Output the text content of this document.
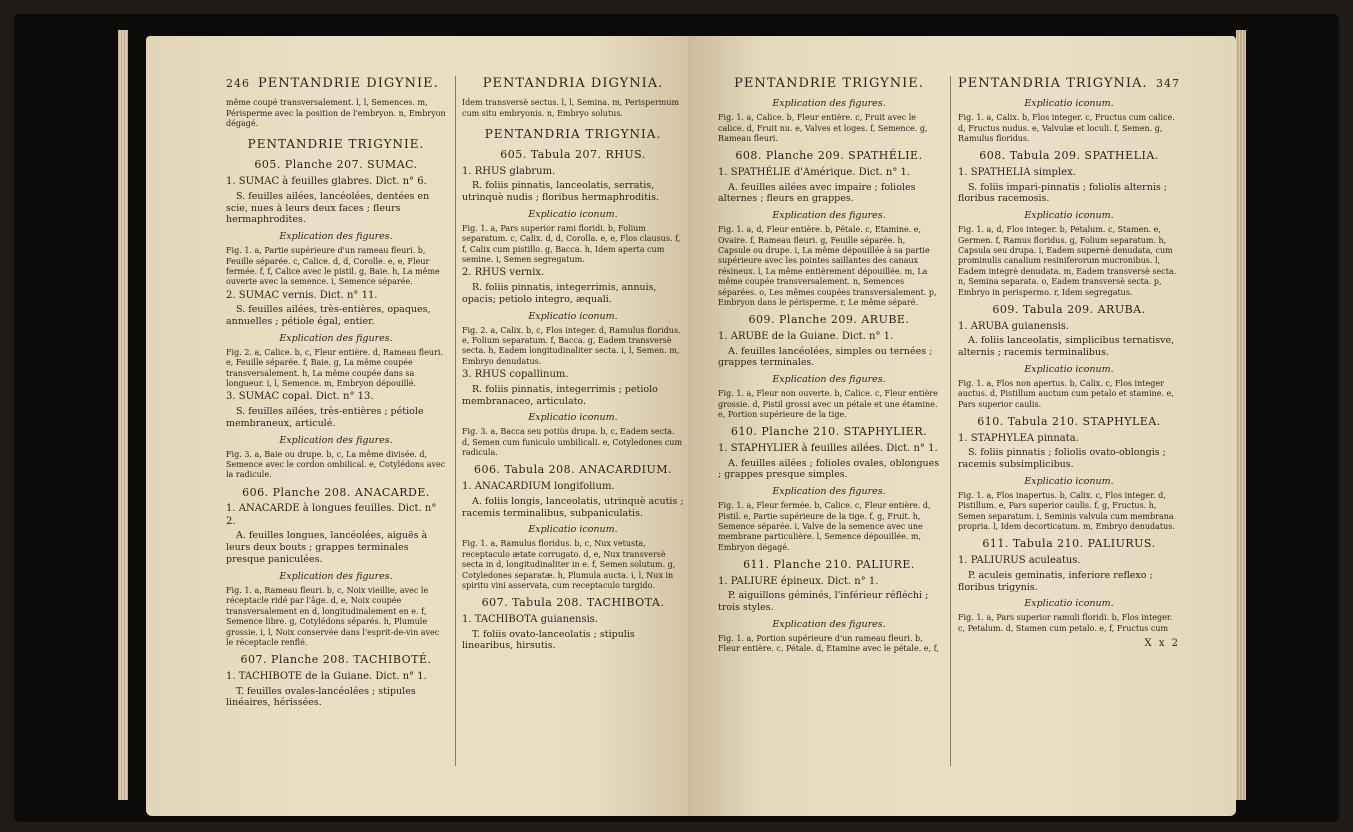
246 PENTANDRIE DIGYNIE.

même coupé transversalement. l, l, Semences. m, Périsperme avec la position de l'embryon. n, Embryon dégagé.

PENTANDRIE TRIGYNIE.
605. Planche 207. SUMAC.

1. SUMAC à feuilles glabres. Dict. n° 6.

S. feuilles ailées, lancéolées, dentées en scie, nues à leurs deux faces ; fleurs hermaphrodites.

Explication des figures.

Fig. 1. a, Partie supérieure d'un rameau fleuri. b, Feuille séparée. c, Calice. d, d, Corolle. e, e, Fleur fermée. f, f, Calice avec le pistil. g, Baie. h, La même ouverte avec la semence. i, Semence séparée.

2. SUMAC vernis. Dict. n° 11.

S. feuilles ailées, très-entières, opaques, annuelles ; pétiole égal, entier.

Explication des figures.

Fig. 2. a, Calice. b, c, Fleur entière. d, Rameau fleuri. e, Feuille séparée. f, Baie. g, La même coupée transversalement. h, La même coupée dans sa longueur. i, l, Semence. m, Embryon dépouillé.

3. SUMAC copal. Dict. n° 13.

S. feuilles ailées, très-entières ; pétiole membraneux, articulé.

Explication des figures.

Fig. 3. a, Baie ou drupe. b, c, La même divisée. d, Semence avec le cordon ombilical. e, Cotylédons avec la radicule.

606. Planche 208. ANACARDE.

1. ANACARDE à longues feuilles. Dict. n° 2.

A. feuilles longues, lancéolées, aiguës à leurs deux bouts ; grappes terminales presque paniculées.

Explication des figures.

Fig. 1. a, Rameau fleuri. b, c, Noix vieillie, avec le réceptacle ridé par l'âge. d, e, Noix coupée transversalement en d, longitudinalement en e. f, Semence libre. g, Cotylédons séparés. h, Plumule grossie. i, l, Noix conservée dans l'esprit-de-vin avec le réceptacle renflé.

607. Planche 208. TACHIBOTÉ.

1. TACHIBOTE de la Guiane. Dict. n° 1.

T. feuilles ovales-lancéolées ; stipules linéaires, hérissées.

PENTANDRIA DIGYNIA.

Idem transversè sectus. l, l, Semina. m, Perispermum cum situ embryonis. n, Embryo solutus.

PENTANDRIA TRIGYNIA.
605. Tabula 207. RHUS.

1. RHUS glabrum.

R. foliis pinnatis, lanceolatis, serratis, utrinquè nudis ; floribus hermaphroditis.

Explicatio iconum.

Fig. 1. a, Pars superior rami floridi. b, Folium separatum. c, Calix. d, d, Corolla. e, e, Flos clausus. f, f, Calix cum pistillo. g, Bacca. h, Idem aperta cum semine. i, Semen segregatum.

2. RHUS vernix.

R. foliis pinnatis, integerrimis, annuis, opacis; petiolo integro, æquali.

Explicatio iconum.

Fig. 2. a, Calix. b, c, Flos integer. d, Ramulus floridus. e, Folium separatum. f, Bacca. g, Eadem transversè secta. h, Eadem longitudinaliter secta. i, l, Semen. m, Embryo denudatus.

3. RHUS copallinum.

R. foliis pinnatis, integerrimis ; petiolo membranaceo, articulato.

Explicatio iconum.

Fig. 3. a, Bacca seu potiùs drupa. b, c, Eadem secta. d, Semen cum funiculo umbilicali. e, Cotyledones cum radicula.

606. Tabula 208. ANACARDIUM.

1. ANACARDIUM longifolium.

A. foliis longis, lanceolatis, utrinquè acutis ; racemis terminalibus, subpaniculatis.

Explicatio iconum.

Fig. 1. a, Ramulus floridus. b, c, Nux vetusta, receptaculo ætate corrugato. d, e, Nux transversè secta in d, longitudinaliter in e. f, Semen solutum. g, Cotyledones separatæ. h, Plumula aucta. i, l, Nux in spiritu vini asservata, cum receptaculo turgido.

607. Tabula 208. TACHIBOTA.

1. TACHIBOTA guianensis.

T. foliis ovato-lanceolatis ; stipulis linearibus, hirsutis.

PENTANDRIE TRIGYNIE.
Explication des figures.

Fig. 1. a, Calice. b, Fleur entière. c, Fruit avec le calice. d, Fruit nu. e, Valves et loges. f, Semence. g, Rameau fleuri.

608. Planche 209. SPATHÉLIE.

1. SPATHÉLIE d'Amérique. Dict. n° 1.

A. feuilles ailées avec impaire ; folioles alternes ; fleurs en grappes.

Explication des figures.

Fig. 1. a, d, Fleur entière. b, Pétale. c, Etamine. e, Ovaire. f, Rameau fleuri. g, Feuille séparée. h, Capsule ou drupe. i, La même dépouillée à sa partie supérieure avec les pointes saillantes des canaux résineux. l, La même entièrement dépouillée. m, La même coupée transversalement. n, Semences séparées. o, Les mêmes coupées transversalement. p, Embryon dans le périsperme. r, Le même séparé.

609. Planche 209. ARUBE.

1. ARUBE de la Guiane. Dict. n° 1.

A. feuilles lancéolées, simples ou ternées ; grappes terminales.

Explication des figures.

Fig. 1. a, Fleur non ouverte. b, Calice. c, Fleur entière grossie. d, Pistil grossi avec un pétale et une étamine. e, Portion supérieure de la tige.

610. Planche 210. STAPHYLIER.

1. STAPHYLIER à feuilles ailées. Dict. n° 1.

A. feuilles ailées ; folioles ovales, oblongues ; grappes presque simples.

Explication des figures.

Fig. 1. a, Fleur fermée. b, Calice. c, Fleur entière. d, Pistil. e, Partie supérieure de la tige. f, g, Fruit. h, Semence séparée. i, Valve de la semence avec une membrane particulière. l, Semence dépouillée. m, Embryon dégagé.

611. Planche 210. PALIURE.

1. PALIURE épineux. Dict. n° 1.

P. aiguillons géminés, l'inférieur réfléchi ; trois styles.

Explication des figures.

Fig. 1. a, Portion supérieure d'un rameau fleuri. b, Fleur entière. c, Pétale. d, Etamine avec le pétale. e, f,

PENTANDRIA TRIGYNIA. 347
Explicatio iconum.

Fig. 1. a, Calix. b, Flos integer. c, Fructus cum calice. d, Fructus nudus. e, Valvulæ et loculi. f, Semen. g, Ramulus floridus.

608. Tabula 209. SPATHELIA.

1. SPATHELIA simplex.

S. foliis impari-pinnatis ; foliolis alternis ; floribus racemosis.

Explicatio iconum.

Fig. 1. a, d, Flos integer. b, Petalum. c, Stamen. e, Germen. f, Ramus floridus. g, Folium separatum. h, Capsula seu drupa. i, Eadem supernè denudata, cum prominulis canalium resiniferorum mucronibus. l, Eadem integrè denudata. m, Eadem transversè secta. n, Semina separata. o, Eadem transversè secta. p, Embryo in perispermo. r, Idem segregatus.

609. Tabula 209. ARUBA.

1. ARUBA guianensis.

A. foliis lanceolatis, simplicibus ternatisve, alternis ; racemis terminalibus.

Explicatio iconum.

Fig. 1. a, Flos non apertus. b, Calix. c, Flos integer auctus. d, Pistillum auctum cum petalo et stamine. e, Pars superior caulis.

610. Tabula 210. STAPHYLEA.

1. STAPHYLEA pinnata.

S. foliis pinnatis ; foliolis ovato-oblongis ; racemis subsimplicibus.

Explicatio iconum.

Fig. 1. a, Flos inapertus. b, Calix. c, Flos integer. d, Pistillum. e, Pars superior caulis. f, g, Fructus. h, Semen separatum. i, Seminis valvula cum membrana propria. l, Idem decorticatum. m, Embryo denudatus.

611. Tabula 210. PALIURUS.

1. PALIURUS aculeatus.

P. aculeis geminatis, inferiore reflexo ; floribus trigynis.

Explicatio iconum.

Fig. 1. a, Pars superior ramuli floridi. b, Flos integer. c, Petalum. d, Stamen cum petalo. e, f, Fructus cum

X x 2
